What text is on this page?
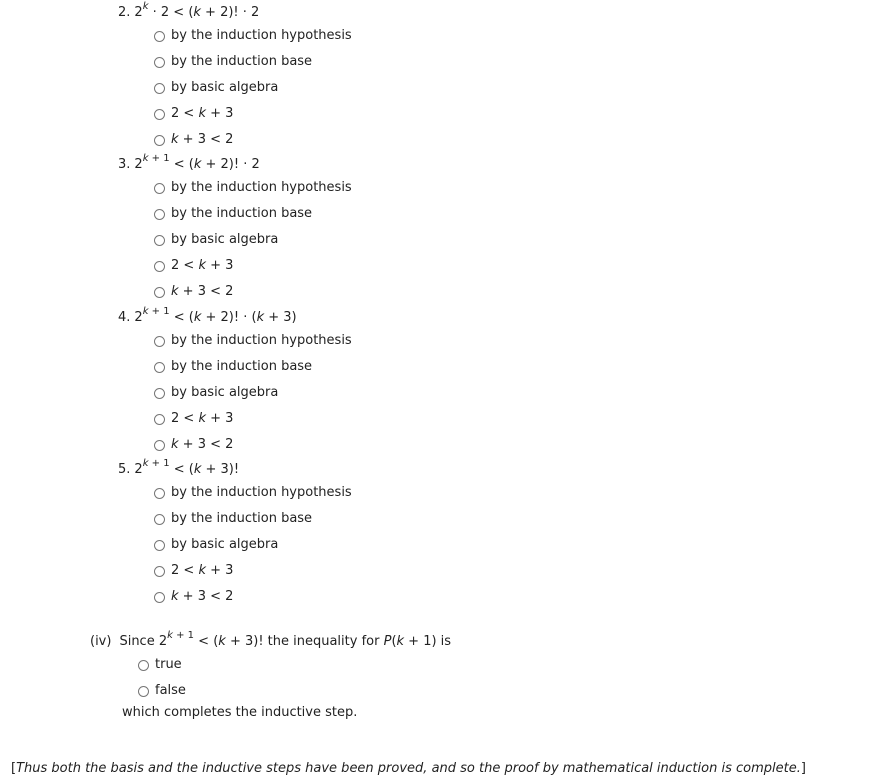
2. $2^k \cdot 2 < (k + 2)$! · 2
by the induction hypothesis
by the induction base
by basic algebra
2 < k + 3
k + 3 < 2
3. $2^{k + 1} < (k + 2)$! · 2
by the induction hypothesis
by the induction base
by basic algebra
2 < k + 3
k + 3 < 2
4. $2^{k + 1} < (k + 2)$! · (k + 3)
by the induction hypothesis
by the induction base
by basic algebra
2 < k + 3
k + 3 < 2
5. $2^{k + 1} < (k + 3)$!
by the induction hypothesis
by the induction base
by basic algebra
2 < k + 3
k + 3 < 2
(iv) Since $2^{k + 1} < (k + 3)$! the inequality for P(k + 1) is
true
false
which completes the inductive step.
[Thus both the basis and the inductive steps have been proved, and so the proof by mathematical induction is complete.]
